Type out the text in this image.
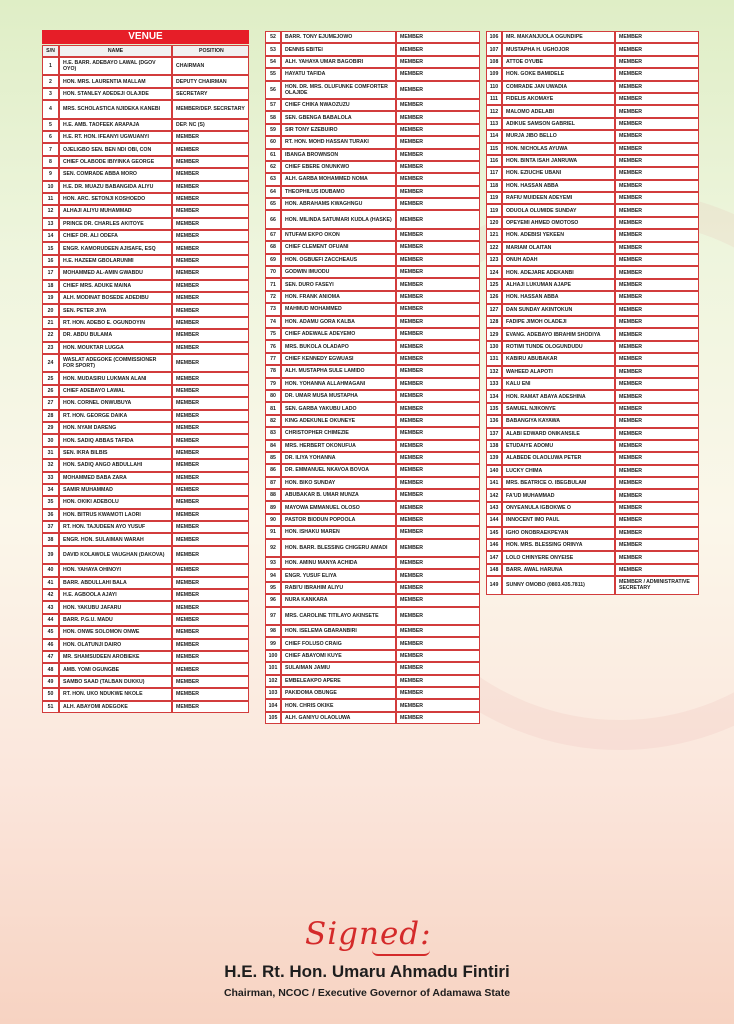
VENUE
S/N	NAME	POSITION
1	H.E. BARR. ADEBAYO LAWAL (DGOV OYO)	CHAIRMAN
2	HON. MRS. LAURENTIA MALLAM	DEPUTY CHAIRMAN
3	HON. STANLEY ADEDEJI OLAJIDE	SECRETARY
4	MRS. SCHOLASTICA NJIDEKA KANEBI	MEMBER/DEP. SECRETARY
5	H.E. AMB. TAOFEEK ARAPAJA	DEP. NC (S)
6	H.E. RT. HON. IFEANYI UGWUANYI	MEMBER
7	OJELIGBO SEN. BEN NDI OBI, CON	MEMBER
8	CHIEF OLABODE IBIYINKA GEORGE	MEMBER
9	SEN. COMRADE ABBA MORO	MEMBER
10	H.E. DR. MUAZU BABANGIDA ALIYU	MEMBER
11	HON. ARC. SETONJI KOSHOEDO	MEMBER
12	ALHAJI ALIYU MUHAMMAD	MEMBER
13	PRINCE DR. CHARLES AKITOYE	MEMBER
14	CHIEF DR. ALI ODEFA	MEMBER
15	ENGR. KAMORUDEEN AJISAFE, ESQ	MEMBER
16	H.E. HAZEEM GBOLARUNMI	MEMBER
17	MOHAMMED AL-AMIN GWABDU	MEMBER
18	CHIEF MRS. ADUKE MAINA	MEMBER
19	ALH. MODINAT BOSEDE ADEDIBU	MEMBER
20	SEN. PETER JIYA	MEMBER
21	RT. HON. ADEBO E. OGUNDOYIN	MEMBER
22	DR. ABDU BULAMA	MEMBER
23	HON. MOUKTAR LUGGA	MEMBER
24	WASLAT ADEGOKE (COMMISSIONER FOR SPORT)	MEMBER
25	HON. MUDASIRU LUKMAN ALANI	MEMBER
26	CHIEF ADEBAYO LAWAL	MEMBER
27	HON. CORNEL ONWUBUYA	MEMBER
28	RT. HON. GEORGE DAIKA	MEMBER
29	HON. NYAM DARENG	MEMBER
30	HON. SADIQ ABBAS TAFIDA	MEMBER
31	SEN. IKRA BILBIS	MEMBER
32	HON. SADIQ ANGO ABDULLAHI	MEMBER
33	MOHAMMED BABA ZARA	MEMBER
34	SAMIR MUHAMMAD	MEMBER
35	HON. OKIKI ADEBOLU	MEMBER
36	HON. BITRUS KWAMOTI LAORI	MEMBER
37	RT. HON. TAJUDEEN AYO YUSUF	MEMBER
38	ENGR. HON. SULAIMAN WARAH	MEMBER
39	DAVID KOLAWOLE VAUGHAN (DAKOVA)	MEMBER
40	HON. YAHAYA OHINOYI	MEMBER
41	BARR. ABDULLAHI BALA	MEMBER
42	H.E. AGBOOLA AJAYI	MEMBER
43	HON. YAKUBU JAFARU	MEMBER
44	BARR. P.G.U. MADU	MEMBER
45	HON. ONWE SOLOMON ONWE	MEMBER
46	HON. OLATUNJI DAIRO	MEMBER
47	MR. SHAMSUDEEN AROBIEKE	MEMBER
48	AMB. YOMI OGUNGBE	MEMBER
49	SAMBO SAAD (TALBAN DUKKU)	MEMBER
50	RT. HON. UKO NDUKWE NKOLE	MEMBER
51	ALH. ABAYOMI ADEGOKE	MEMBER
52	BARR. TONY EJUMEJOWO	MEMBER
53	DENNIS EBITEI	MEMBER
54	ALH. YAHAYA UMAR BAGOBIRI	MEMBER
55	HAYATU TAFIDA	MEMBER
56	HON. DR. MRS. OLUFUNKE COMFORTER OLAJIDE	MEMBER
57	CHIEF CHIKA NWAOZUZU	MEMBER
58	SEN. GBENGA BABALOLA	MEMBER
59	SIR TONY EZEBUIRO	MEMBER
60	RT. HON. MOHD HASSAN TURAKI	MEMBER
61	IBANGA BROWNSON	MEMBER
62	CHIEF EBERE ONUNKWO	MEMBER
63	ALH. GARBA MOHAMMED NOMA	MEMBER
64	THEOPHILUS IDUBAMO	MEMBER
65	HON. ABRAHAMS KWAGHNGU	MEMBER
66	HON. MILINDA SATUMARI KUDLA (HASKE)	MEMBER
67	NTUFAM EKPO OKON	MEMBER
68	CHIEF CLEMENT OFUANI	MEMBER
69	HON. OGBUEFI ZACCHEAUS	MEMBER
70	GODWIN IMUODU	MEMBER
71	SEN. DURO FASEYI	MEMBER
72	HON. FRANK ANIOMA	MEMBER
73	MAHMUD MOHAMMED	MEMBER
74	HON. ADAMU GORA KALBA	MEMBER
75	CHIEF ADEWALE ADEYEMO	MEMBER
76	MRS. BUKOLA OLADAPO	MEMBER
77	CHIEF KENNEDY EGWUASI	MEMBER
78	ALH. MUSTAPHA SULE LAMIDO	MEMBER
79	HON. YOHANNA ALLAHMAGANI	MEMBER
80	DR. UMAR MUSA MUSTAPHA	MEMBER
81	SEN. GARBA YAKUBU LADO	MEMBER
82	KING ADEKUNLE OKUNEYE	MEMBER
83	CHRISTOPHER CHIMEZIE	MEMBER
84	MRS. HERBERT OKONUFUA	MEMBER
85	DR. ILIYA YOHANNA	MEMBER
86	DR. EMMANUEL NKAVOA BOVOA	MEMBER
87	HON. BIKO SUNDAY	MEMBER
88	ABUBAKAR B. UMAR MUNZA	MEMBER
89	MAYOWA EMMANUEL OLOSO	MEMBER
90	PASTOR BIODUN POPOOLA	MEMBER
91	HON. ISHAKU MAREN	MEMBER
92	HON. BARR. BLESSING CHIGERU AMADI	MEMBER
93	HON. AMINU MANYA ACHIDA	MEMBER
94	ENGR. YUSUF ELIYA	MEMBER
95	RABI'U IBRAHIM ALIYU	MEMBER
96	NURA KANKARA	MEMBER
97	MRS. CAROLINE TITILAYO AKINSETE	MEMBER
98	HON. ISELEMA GBARANBIRI	MEMBER
99	CHIEF FOLUSO CRAIG	MEMBER
100	CHIEF ABAYOMI KUYE	MEMBER
101	SULAIMAN JAMIU	MEMBER
102	EMBELEAKPO APERE	MEMBER
103	PAKIDOMA OBUNGE	MEMBER
104	HON. CHRIS OKIKE	MEMBER
105	ALH. GANIYU OLAOLUWA	MEMBER
106	MR. MAKANJUOLA OGUNDIPE	MEMBER
107	MUSTAPHA H. UGHOJOR	MEMBER
108	ATTOE OYUBE	MEMBER
109	HON. GOKE BAMIDELE	MEMBER
110	COMRADE JAN UWADIA	MEMBER
111	FIDELIS AKOMAYE	MEMBER
112	MALOMO ADELABI	MEMBER
113	ADIKUE SAMSON GABRIEL	MEMBER
114	MURJA JIBO BELLO	MEMBER
115	HON. NICHOLAS AYUWA	MEMBER
116	HON. BINTA ISAH JANRUWA	MEMBER
117	HON. EZIUCHE UBANI	MEMBER
118	HON. HASSAN ABBA	MEMBER
119	RAFIU MUIDEEN ADEYEMI	MEMBER
119	ODUOLA OLUMIDE SUNDAY	MEMBER
120	OPEYEMI AHMED OMOTOSO	MEMBER
121	HON. ADEBISI YEKEEN	MEMBER
122	MARIAM OLAITAN	MEMBER
123	ONUH ADAH	MEMBER
124	HON. ADEJARE ADEKANBI	MEMBER
125	ALHAJI LUKUMAN AJAPE	MEMBER
126	HON. HASSAN ABBA	MEMBER
127	DAN SUNDAY AKINTOKUN	MEMBER
128	FADIPE JIMOH OLADEJI	MEMBER
129	EVANG. ADEBAYO IBRAHIM SHODIYA	MEMBER
130	ROTIMI TUNDE OLOGUNDUDU	MEMBER
131	KABIRU ABUBAKAR	MEMBER
132	WAHEED ALAPOTI	MEMBER
133	KALU ENI	MEMBER
134	HON. RAMAT ABAYA ADESHINA	MEMBER
135	SAMUEL NJIKONYE	MEMBER
136	BABANGIYA KAYAWA	MEMBER
137	ALABI EDWARD ONIKANSILE	MEMBER
138	ETUDAIYE ADOMU	MEMBER
139	ALABEDE OLAOLUWA PETER	MEMBER
140	LUCKY CHIMA	MEMBER
141	MRS. BEATRICE O. IBEGBULAM	MEMBER
142	FA'UD MUHAMMAD	MEMBER
143	ONYEANULA IGBOKWE O	MEMBER
144	INNOCENT IMO PAUL	MEMBER
145	IGHO ONOBRAEKPEYAN	MEMBER
146	HON. MRS. BLESSING ORINYA	MEMBER
147	LOLO CHINYERE ONYEISE	MEMBER
148	BARR. AWAL HARUNA	MEMBER
149	SUNNY OMOBO (0803.435.7811)	MEMBER / ADMINISTRATIVE SECRETARY
Signed:
H.E. Rt. Hon. Umaru Ahmadu Fintiri
Chairman, NCOC / Executive Governor of Adamawa State
